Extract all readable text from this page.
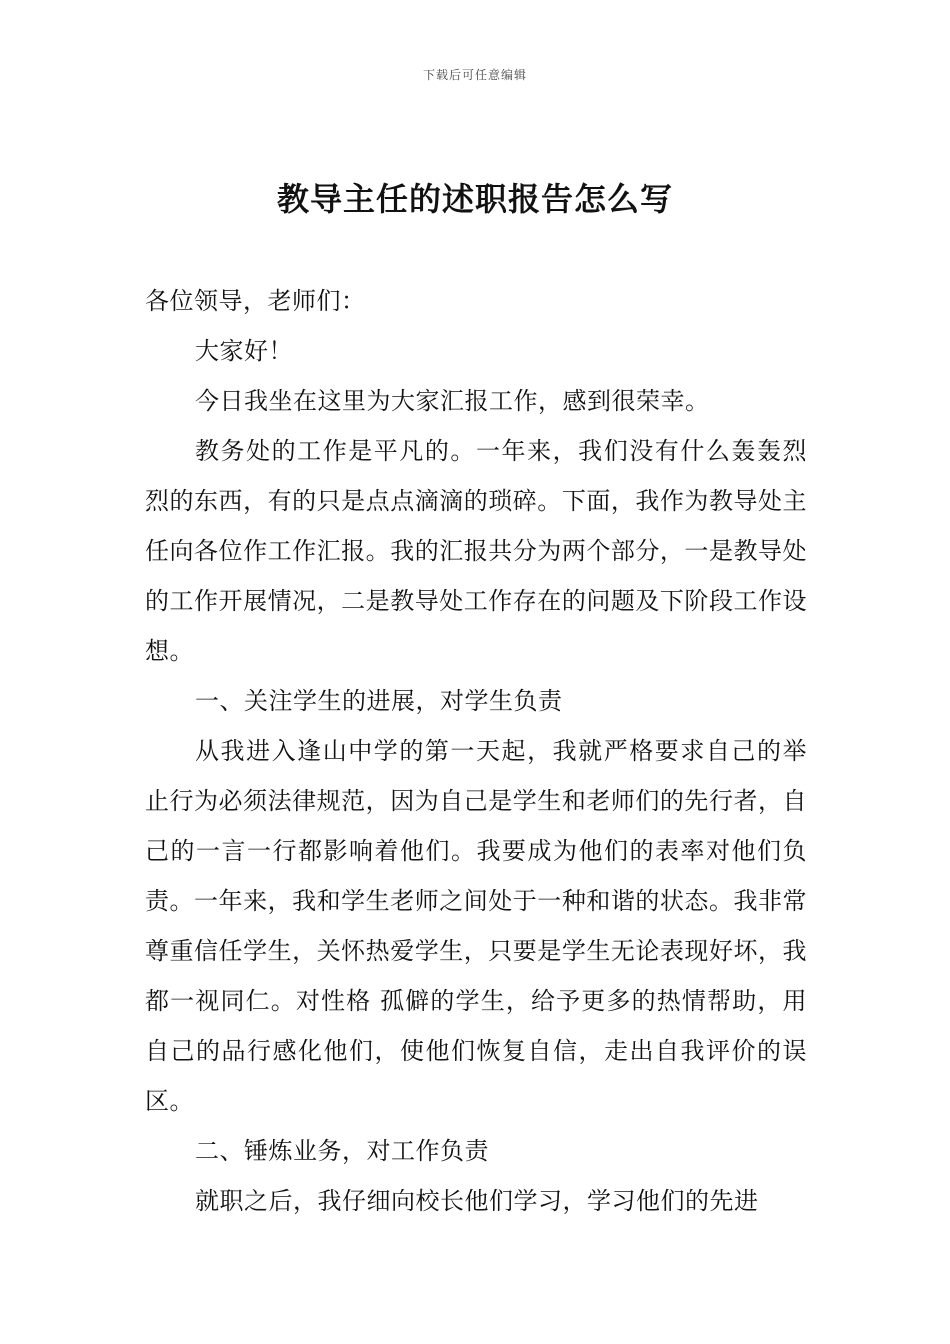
下载后可任意编辑
教导主任的述职报告怎么写

各位领导，老师们：

大家好！

今日我坐在这里为大家汇报工作，感到很荣幸。

教务处的工作是平凡的。一年来，我们没有什么轰轰烈烈的东西，有的只是点点滴滴的琐碎。下面，我作为教导处主任向各位作工作汇报。我的汇报共分为两个部分，一是教导处的工作开展情况，二是教导处工作存在的问题及下阶段工作设想。

一、关注学生的进展，对学生负责

从我进入逢山中学的第一天起，我就严格要求自己的举止行为必须法律规范，因为自己是学生和老师们的先行者，自己的一言一行都影响着他们。我要成为他们的表率对他们负责。一年来，我和学生老师之间处于一种和谐的状态。我非常尊重信任学生，关怀热爱学生，只要是学生无论表现好坏，我都一视同仁。对性格 孤僻的学生，给予更多的热情帮助，用自己的品行感化他们，使他们恢复自信，走出自我评价的误区。

二、锤炼业务，对工作负责

就职之后，我仔细向校长他们学习，学习他们的先进
